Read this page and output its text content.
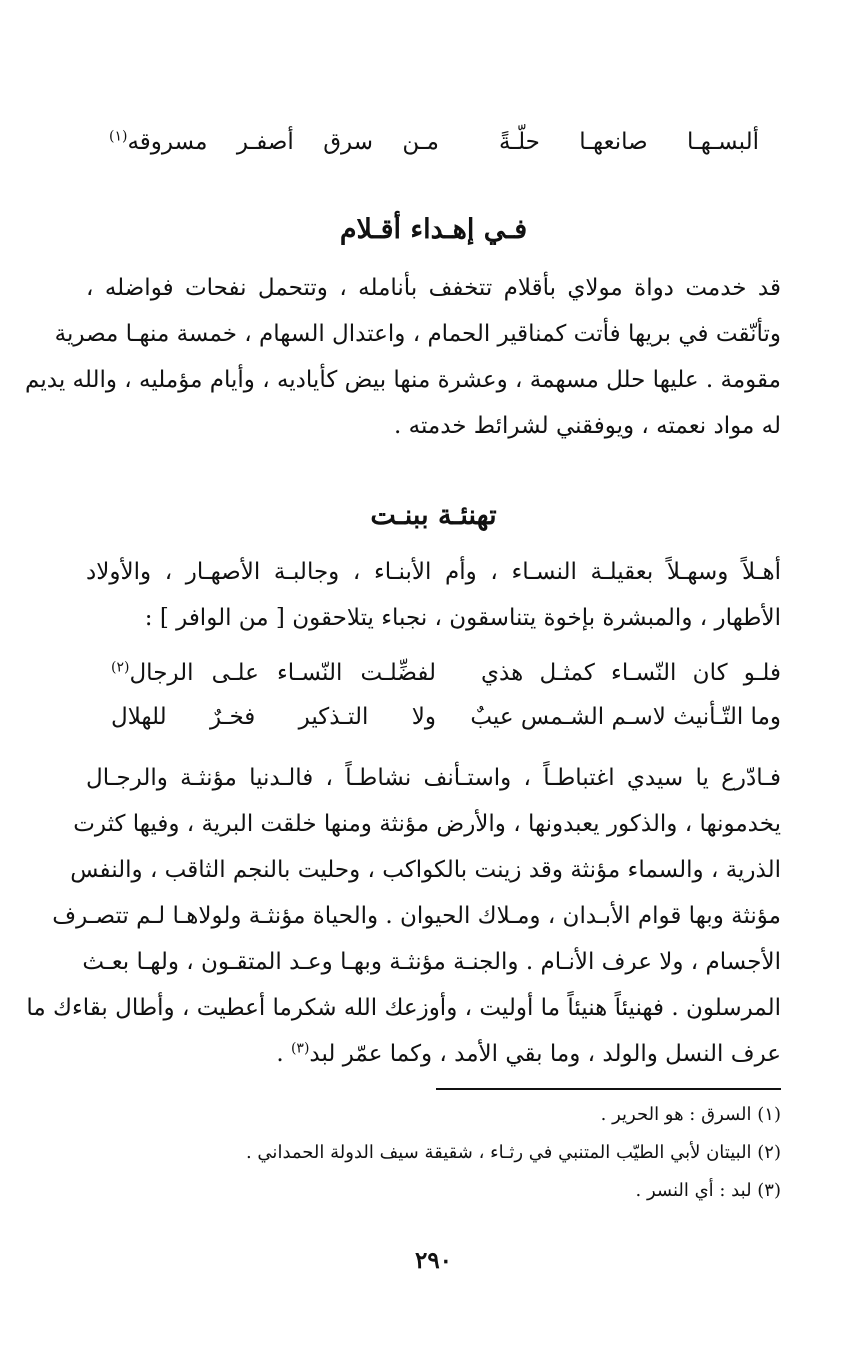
ألبسـهـا صانعهـا حلّـةً
مـن سرق أصفـر مسروقه$^{(١)}$
فـي إهـداء أقـلام
قد خدمت دواة مولاي بأقلام تتخفف بأنامله ، وتتحمل نفحات فواضله ،
وتأنّقت في بريها فأتت كمناقير الحمام ، واعتدال السهام ، خمسة منهـا مصرية
مقومة . عليها حلل مسهمة ، وعشرة منها بيض كأياديه ، وأيام مؤمليه ، والله يديم
له مواد نعمته ، ويوفقني لشرائط خدمته .
تهنئـة ببنـت
أهـلاً وسهـلاً بعقيلـة النسـاء ، وأم الأبنـاء ، وجالبـة الأصهـار ، والأولاد
الأطهار ، والمبشرة بإخوة يتناسقون ، نجباء يتلاحقون [ من الوافر ] :
فلـو كان النّسـاء كمثـل هذي
لفضِّلـت النّسـاء علـى الرجال$^{(٢)}$
وما التّـأنيث لاسـم الشـمس عيبٌ
ولا التـذكير فخـرٌ للهلال
فـادّرع يا سيدي اغتباطـاً ، واستـأنف نشاطـاً ، فالـدنيا مؤنثـة والرجـال
يخدمونها ، والذكور يعبدونها ، والأرض مؤنثة ومنها خلقت البرية ، وفيها كثرت
الذرية ، والسماء مؤنثة وقد زينت بالكواكب ، وحليت بالنجم الثاقب ، والنفس
مؤنثة وبها قوام الأبـدان ، ومـلاك الحيوان . والحياة مؤنثـة ولولاهـا لـم تتصـرف
الأجسام ، ولا عرف الأنـام . والجنـة مؤنثـة وبهـا وعـد المتقـون ، ولهـا بعـث
المرسلون . فهنيئاً هنيئاً ما أوليت ، وأوزعك الله شكرما أعطيت ، وأطال بقاءك ما
عرف النسل والولد ، وما بقي الأمد ، وكما عمّر لبد$^{(٣)}$ .
(١) السرق : هو الحرير .
(٢) البيتان لأبي الطيّب المتنبي في رثـاء ، شقيقة سيف الدولة الحمداني .
(٣) لبد : أي النسر .
٢٩٠
